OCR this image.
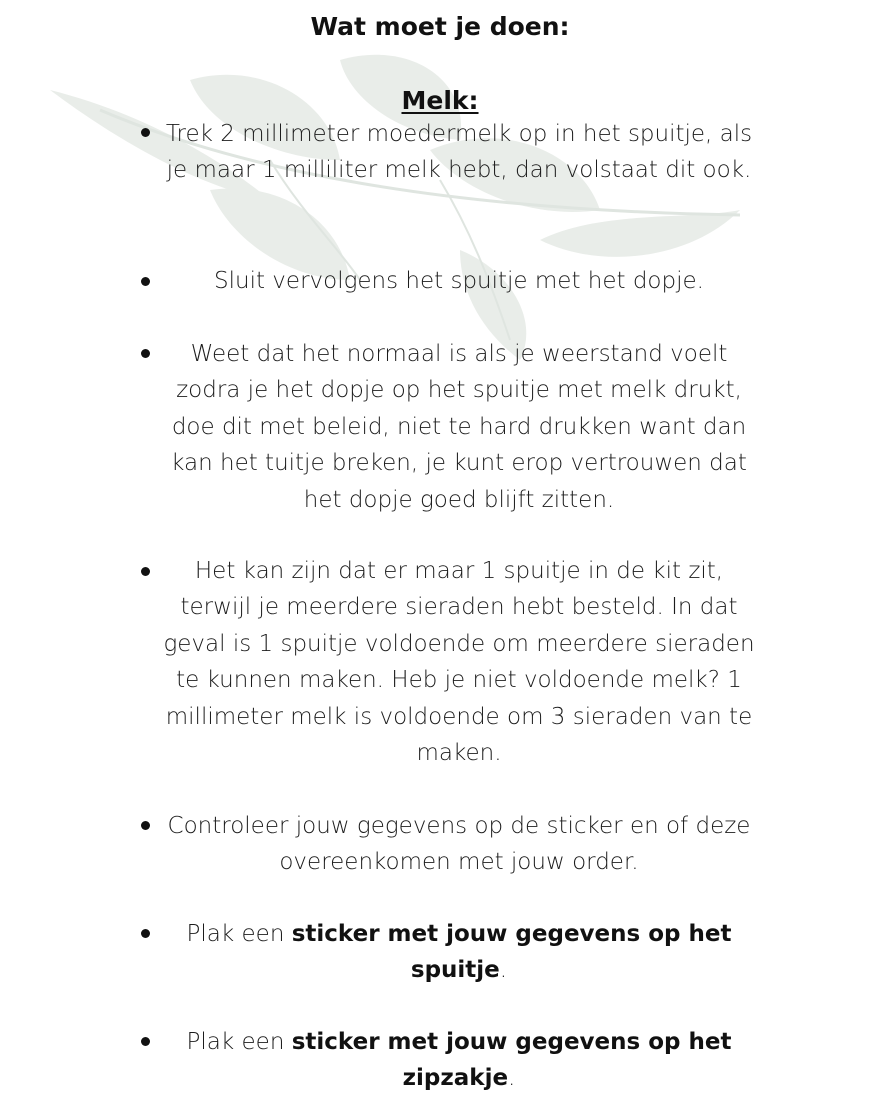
Wat moet je doen:
Melk:
Trek 2 millimeter moedermelk op in het spuitje, als je maar 1 milliliter melk hebt, dan volstaat dit ook.
Sluit vervolgens het spuitje met het dopje.
Weet dat het normaal is als je weerstand voelt zodra je het dopje op het spuitje met melk drukt, doe dit met beleid, niet te hard drukken want dan kan het tuitje breken, je kunt erop vertrouwen dat het dopje goed blijft zitten.
Het kan zijn dat er maar 1 spuitje in de kit zit, terwijl je meerdere sieraden hebt besteld. In dat geval is 1 spuitje voldoende om meerdere sieraden te kunnen maken. Heb je niet voldoende melk? 1 millimeter melk is voldoende om 3 sieraden van te maken.
Controleer jouw gegevens op de sticker en of deze overeenkomen met jouw order.
Plak een sticker met jouw gegevens op het spuitje.
Plak een sticker met jouw gegevens op het zipzakje.
